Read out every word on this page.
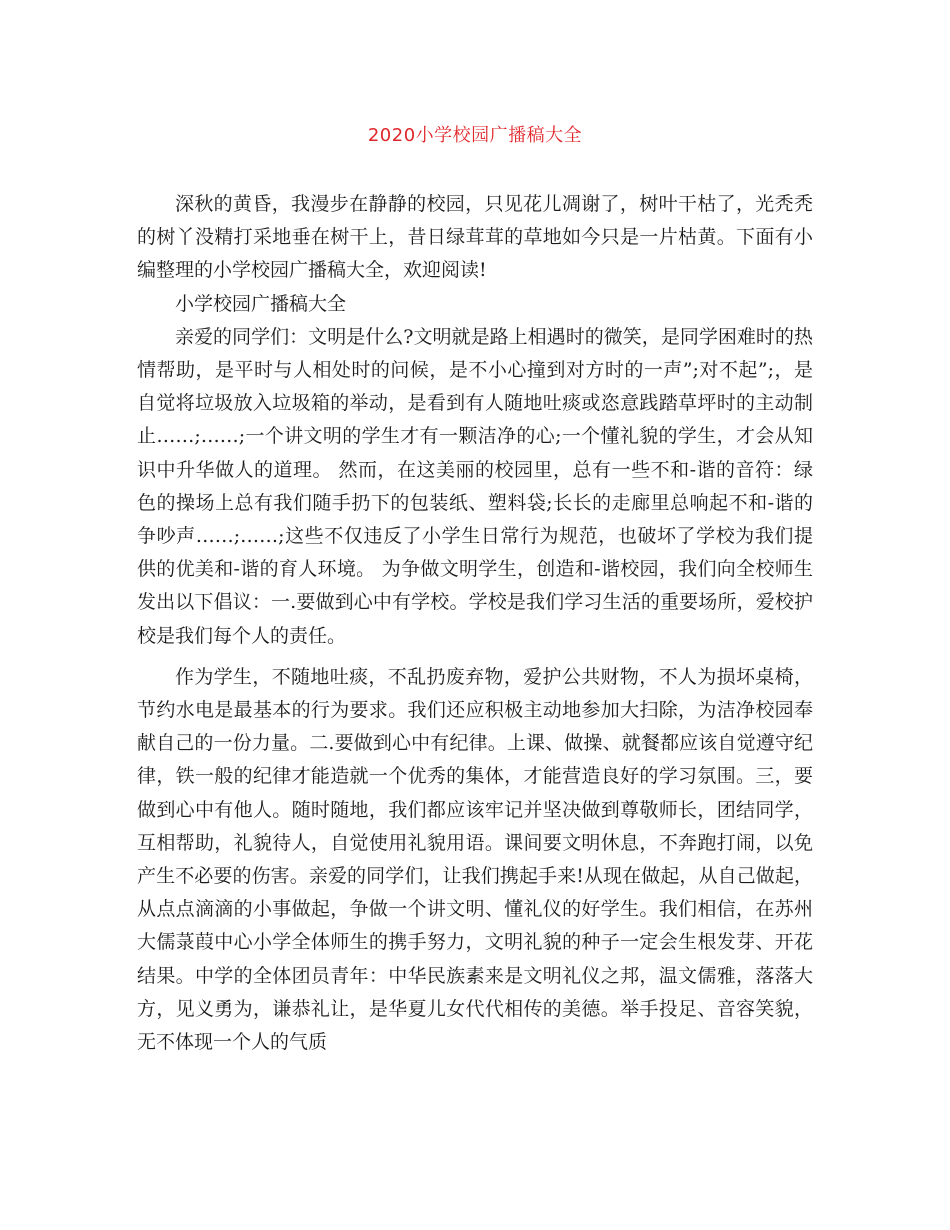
2020小学校园广播稿大全

深秋的黄昏，我漫步在静静的校园，只见花儿凋谢了，树叶干枯了，光秃秃的树丫没精打采地垂在树干上，昔日绿茸茸的草地如今只是一片枯黄。下面有小编整理的小学校园广播稿大全，欢迎阅读!

小学校园广播稿大全

亲爱的同学们：文明是什么?文明就是路上相遇时的微笑，是同学困难时的热情帮助，是平时与人相处时的问候，是不小心撞到对方时的一声”;对不起”;，是自觉将垃圾放入垃圾箱的举动，是看到有人随地吐痰或恣意践踏草坪时的主动制止……;……;一个讲文明的学生才有一颗洁净的心;一个懂礼貌的学生，才会从知识中升华做人的道理。 然而，在这美丽的校园里，总有一些不和-谐的音符：绿色的操场上总有我们随手扔下的包装纸、塑料袋;长长的走廊里总响起不和-谐的争吵声……;……;这些不仅违反了小学生日常行为规范，也破坏了学校为我们提供的优美和-谐的育人环境。 为争做文明学生，创造和-谐校园，我们向全校师生发出以下倡议：一.要做到心中有学校。学校是我们学习生活的重要场所，爱校护校是我们每个人的责任。

作为学生，不随地吐痰，不乱扔废弃物，爱护公共财物，不人为损坏桌椅，节约水电是最基本的行为要求。我们还应积极主动地参加大扫除，为洁净校园奉献自己的一份力量。二.要做到心中有纪律。上课、做操、就餐都应该自觉遵守纪律，铁一般的纪律才能造就一个优秀的集体，才能营造良好的学习氛围。三，要做到心中有他人。随时随地，我们都应该牢记并坚决做到尊敬师长，团结同学，互相帮助，礼貌待人，自觉使用礼貌用语。课间要文明休息，不奔跑打闹，以免产生不必要的伤害。亲爱的同学们，让我们携起手来!从现在做起，从自己做起，从点点滴滴的小事做起，争做一个讲文明、懂礼仪的好学生。我们相信，在苏州大儒菉葭中心小学全体师生的携手努力，文明礼貌的种子一定会生根发芽、开花结果。中学的全体团员青年：中华民族素来是文明礼仪之邦，温文儒雅，落落大方，见义勇为，谦恭礼让，是华夏儿女代代相传的美德。举手投足、音容笑貌，无不体现一个人的气质
